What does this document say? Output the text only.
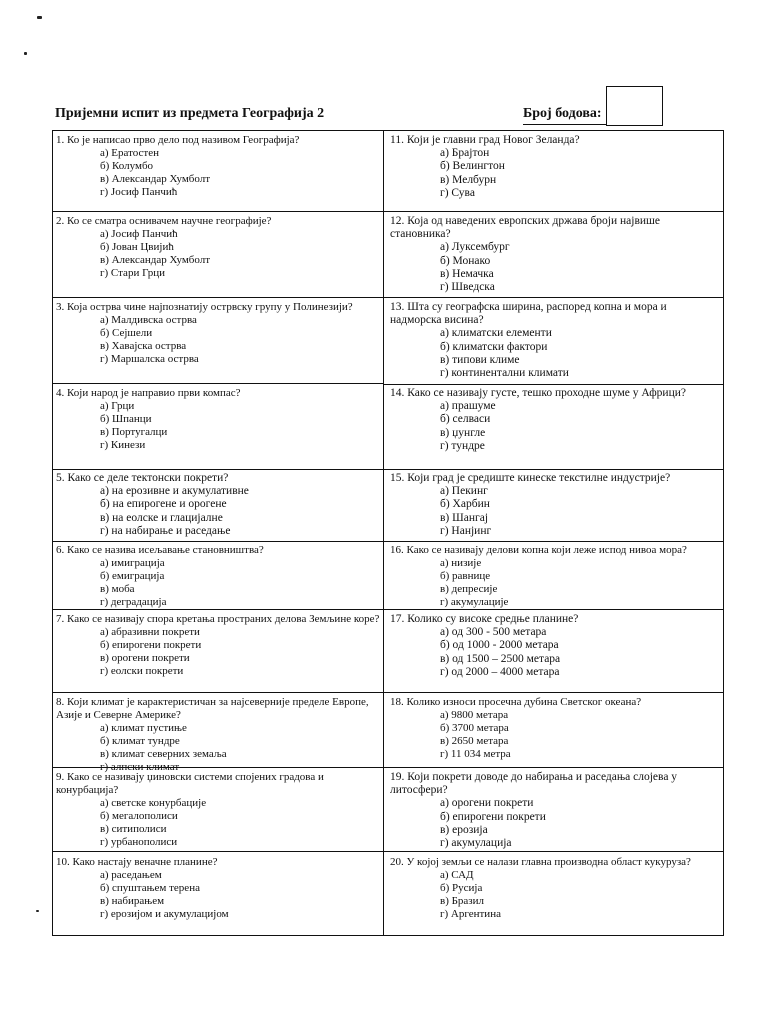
Пријемни испит из предмета Географија 2	Број бодова:
1. Ко је написао прво дело под називом Географија?
а) Ератостен
б) Колумбо
в) Александар Хумболт
г) Јосиф Панчић
2. Ко се сматра оснивачем научне географије?
а) Јосиф Панчић
б) Јован Цвијић
в) Александар Хумболт
г) Стари Грци
3. Која острва чине најпознатију острвску групу у Полинезији?
а) Малдивска острва
б) Сејшели
в) Хавајска острва
г) Маршалска острва
4. Који народ је направио први компас?
а) Грци
б) Шпанци
в) Португалци
г) Кинези
5. Како се деле тектонски покрети?
а) на ерозивне и акумулативне
б) на епирогене и орогене
в) на еолске и глацијалне
г) на набирање и раседање
6. Како се назива исељавање становништва?
а) имиграција
б) емиграција
в) моба
г) деградација
7. Како се називају спора кретања пространих делова Земљине коре?
а) абразивни покрети
б) епирогени покрети
в) орогени покрети
г) еолски покрети
8. Који климат је карактеристичан за најсеверније пределе Европе, Азије и Северне Америке?
а) климат пустиње
б) климат тундре
в) климат северних земаља
г) алпски климат
9. Како се називају џиновски системи спојених градова и конурбација?
а) светске конурбације
б) мегалополиси
в) ситиполиси
г) урбанополиси
10. Како настају веначне планине?
а) раседањем
б) спуштањем терена
в) набирањем
г) ерозијом и акумулацијом
11. Који је главни град Новог Зеланда?
а) Брајтон
б) Велингтон
в) Мелбурн
г) Сува
12. Која од наведених европских држава броји највише становника?
а) Луксембург
б) Монако
в) Немачка
г) Шведска
13. Шта су географска ширина, распоред копна и мора и надморска висина?
а) климатски елементи
б) климатски фактори
в) типови климе
г) континентални климати
14. Како се називају густе, тешко проходне шуме у Африци?
а) прашуме
б) селваси
в) џунгле
г) тундре
15. Који град је средиште кинеске текстилне индустрије?
а) Пекинг
б) Харбин
в) Шангај
г) Нанјинг
16. Како се називају делови копна који леже испод нивоа мора?
а) низије
б) равнице
в) депресије
г) акумулације
17. Колико су високе средње планине?
а) од 300 - 500 метара
б) од 1000 - 2000 метара
в) од 1500 – 2500 метара
г) од 2000 – 4000 метара
18. Колико износи просечна дубина Светског океана?
а) 9800 метара
б) 3700 метара
в) 2650 метара
г) 11 034 метра
19. Који покрети доводе до набирања и раседања слојева у литосфери?
а) орогени покрети
б) епирогени покрети
в) ерозија
г) акумулација
20. У којој земљи се налази главна производна област кукуруза?
а) САД
б) Русија
в) Бразил
г) Аргентина
